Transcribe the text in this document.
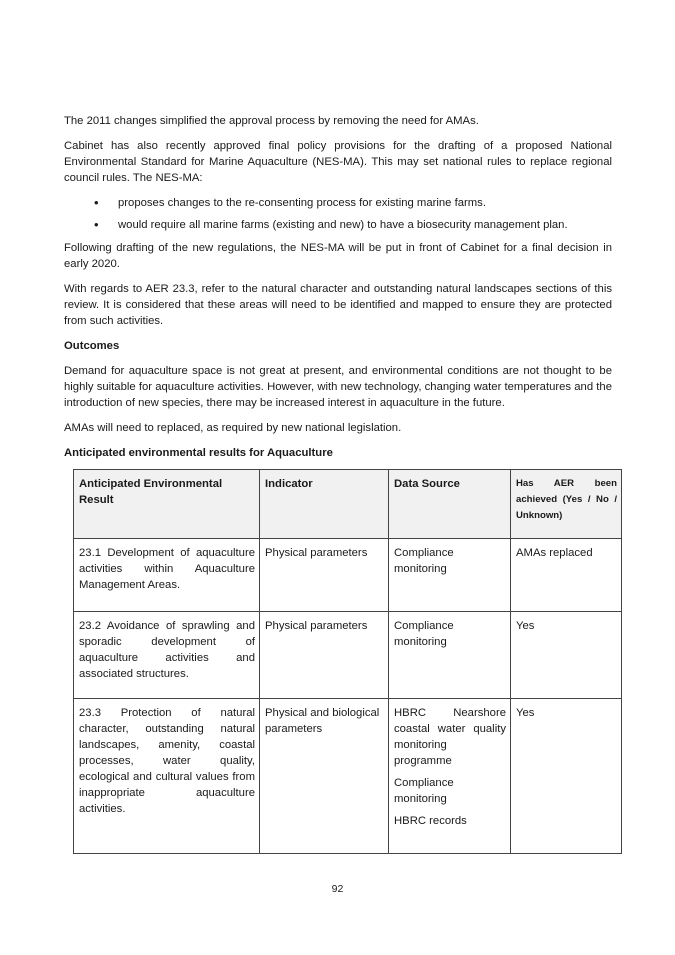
The 2011 changes simplified the approval process by removing the need for AMAs.

Cabinet has also recently approved final policy provisions for the drafting of a proposed National Environmental Standard for Marine Aquaculture (NES-MA). This may set national rules to replace regional council rules. The NES-MA:

• proposes changes to the re-consenting process for existing marine farms.
• would require all marine farms (existing and new) to have a biosecurity management plan.

Following drafting of the new regulations, the NES-MA will be put in front of Cabinet for a final decision in early 2020.

With regards to AER 23.3, refer to the natural character and outstanding natural landscapes sections of this review. It is considered that these areas will need to be identified and mapped to ensure they are protected from such activities.

Outcomes

Demand for aquaculture space is not great at present, and environmental conditions are not thought to be highly suitable for aquaculture activities. However, with new technology, changing water temperatures and the introduction of new species, there may be increased interest in aquaculture in the future.

AMAs will need to replaced, as required by new national legislation.

Anticipated environmental results for Aquaculture

Anticipated Environmental Result	Indicator	Data Source	Has AER been achieved (Yes / No / Unknown)
23.1 Development of aquaculture activities within Aquaculture Management Areas.	Physical parameters	Compliance monitoring	AMAs replaced
23.2 Avoidance of sprawling and sporadic development of aquaculture activities and associated structures.	Physical parameters	Compliance monitoring	Yes
23.3 Protection of natural character, outstanding natural landscapes, amenity, coastal processes, water quality, ecological and cultural values from inappropriate aquaculture activities.	Physical and biological parameters	HBRC Nearshore coastal water quality monitoring programme
Compliance monitoring
HBRC records	Yes
92
